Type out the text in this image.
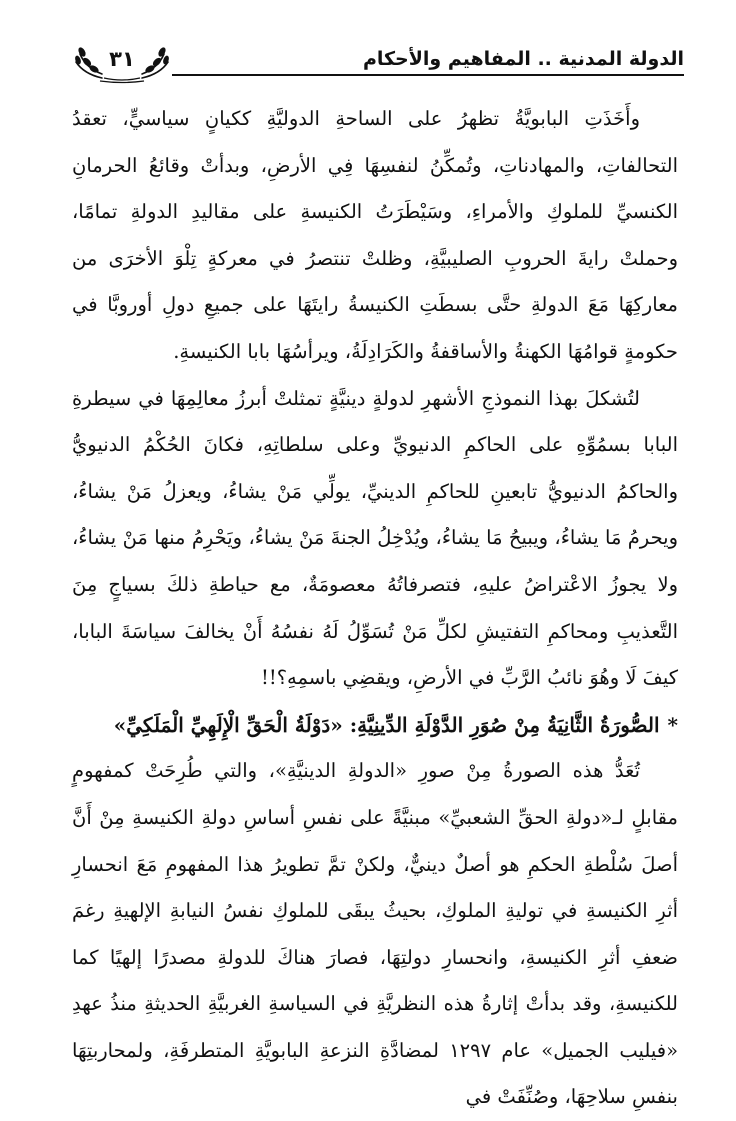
الدولة المدنية .. المفاهيم والأحكام
٣١

وأَخَذَتِ البابويَّةُ تظهرُ على الساحةِ الدوليَّةِ ككيانٍ سياسيٍّ، تعقدُ التحالفاتِ، والمهادناتِ، وتُمكِّنُ لنفسِهَا فِي الأرضِ، وبدأتْ وقائعُ الحرمانِ الكنسيِّ للملوكِ والأمراءِ، وسَيْطَرَتُ الكنيسةِ على مقاليدِ الدولةِ تمامًا، وحملتْ رايةَ الحروبِ الصليبيَّةِ، وظلتْ تنتصرُ في معركةٍ تِلْوَ الأخرَى من معاركِهَا مَعَ الدولةِ حتَّى بسطَتِ الكنيسةُ رايتَهَا على جميعِ دولِ أوروبَّا في حكومةٍ قوامُهَا الكهنةُ والأساقفةُ والكَرَادِلَةُ، ويرأسُهَا بابا الكنيسةِ.

لتُشكلَ بهذا النموذجِ الأشهرِ لدولةٍ دينيَّةٍ تمثلتْ أبرزُ معالِمِهَا في سيطرةِ البابا بسمُوِّهِ على الحاكمِ الدنيويِّ وعلى سلطاتِهِ، فكانَ الحُكْمُ الدنيويُّ والحاكمُ الدنيويُّ تابعينِ للحاكمِ الدينيِّ، يولِّي مَنْ يشاءُ، ويعزلُ مَنْ يشاءُ، ويحرمُ مَا يشاءُ، ويبيحُ مَا يشاءُ، ويُدْخِلُ الجنةَ مَنْ يشاءُ، ويَحْرِمُ منها مَنْ يشاءُ، ولا يجوزُ الاعْتراضُ عليهِ، فتصرفاتُهُ معصومَةٌ، مع حياطةِ ذلكَ بسياجٍ مِنَ التَّعذيبِ ومحاكمِ التفتيشِ لكلِّ مَنْ تُسَوِّلُ لَهُ نفسُهُ أَنْ يخالفَ سياسَةَ البابا، كيفَ لَا وهُوَ نائبُ الرَّبِّ في الأرضِ، ويقضِي باسمِهِ؟!!

*الصُّورَةُ الثَّانِيَةُ مِنْ صُوَرِ الدَّوْلَةِ الدِّينِيَّةِ: «دَوْلَةُ الْحَقِّ الْإِلَهِيِّ الْمَلَكِيِّ»

تُعَدُّ هذه الصورةُ مِنْ صورِ «الدولةِ الدينيَّةِ»، والتي طُرِحَتْ كمفهومٍ مقابلٍ لـ«دولةِ الحقِّ الشعبيِّ» مبنيَّةً على نفسِ أساسِ دولةِ الكنيسةِ مِنْ أَنَّ أصلَ سُلْطةِ الحكمِ هو أصلٌ دينيٌّ، ولكنْ تمَّ تطويرُ هذا المفهومِ مَعَ انحسارِ أثرِ الكنيسةِ في توليةِ الملوكِ، بحيثُ يبقَى للملوكِ نفسُ النيابةِ الإلهيةِ رغمَ ضعفِ أثرِ الكنيسةِ، وانحسارِ دولتِهَا، فصارَ هناكَ للدولةِ مصدرًا إلهيًا كما للكنيسةِ، وقد بدأتْ إثارةُ هذه النظريَّةِ في السياسةِ الغربيَّةِ الحديثةِ منذُ عهدِ «فيليب الجميل» عام ١٢٩٧ لمضادَّةِ النزعةِ البابويَّةِ المتطرفَةِ، ولمحاربتِهَا بنفسِ سلاحِهَا، وصُنِّفَتْ في
